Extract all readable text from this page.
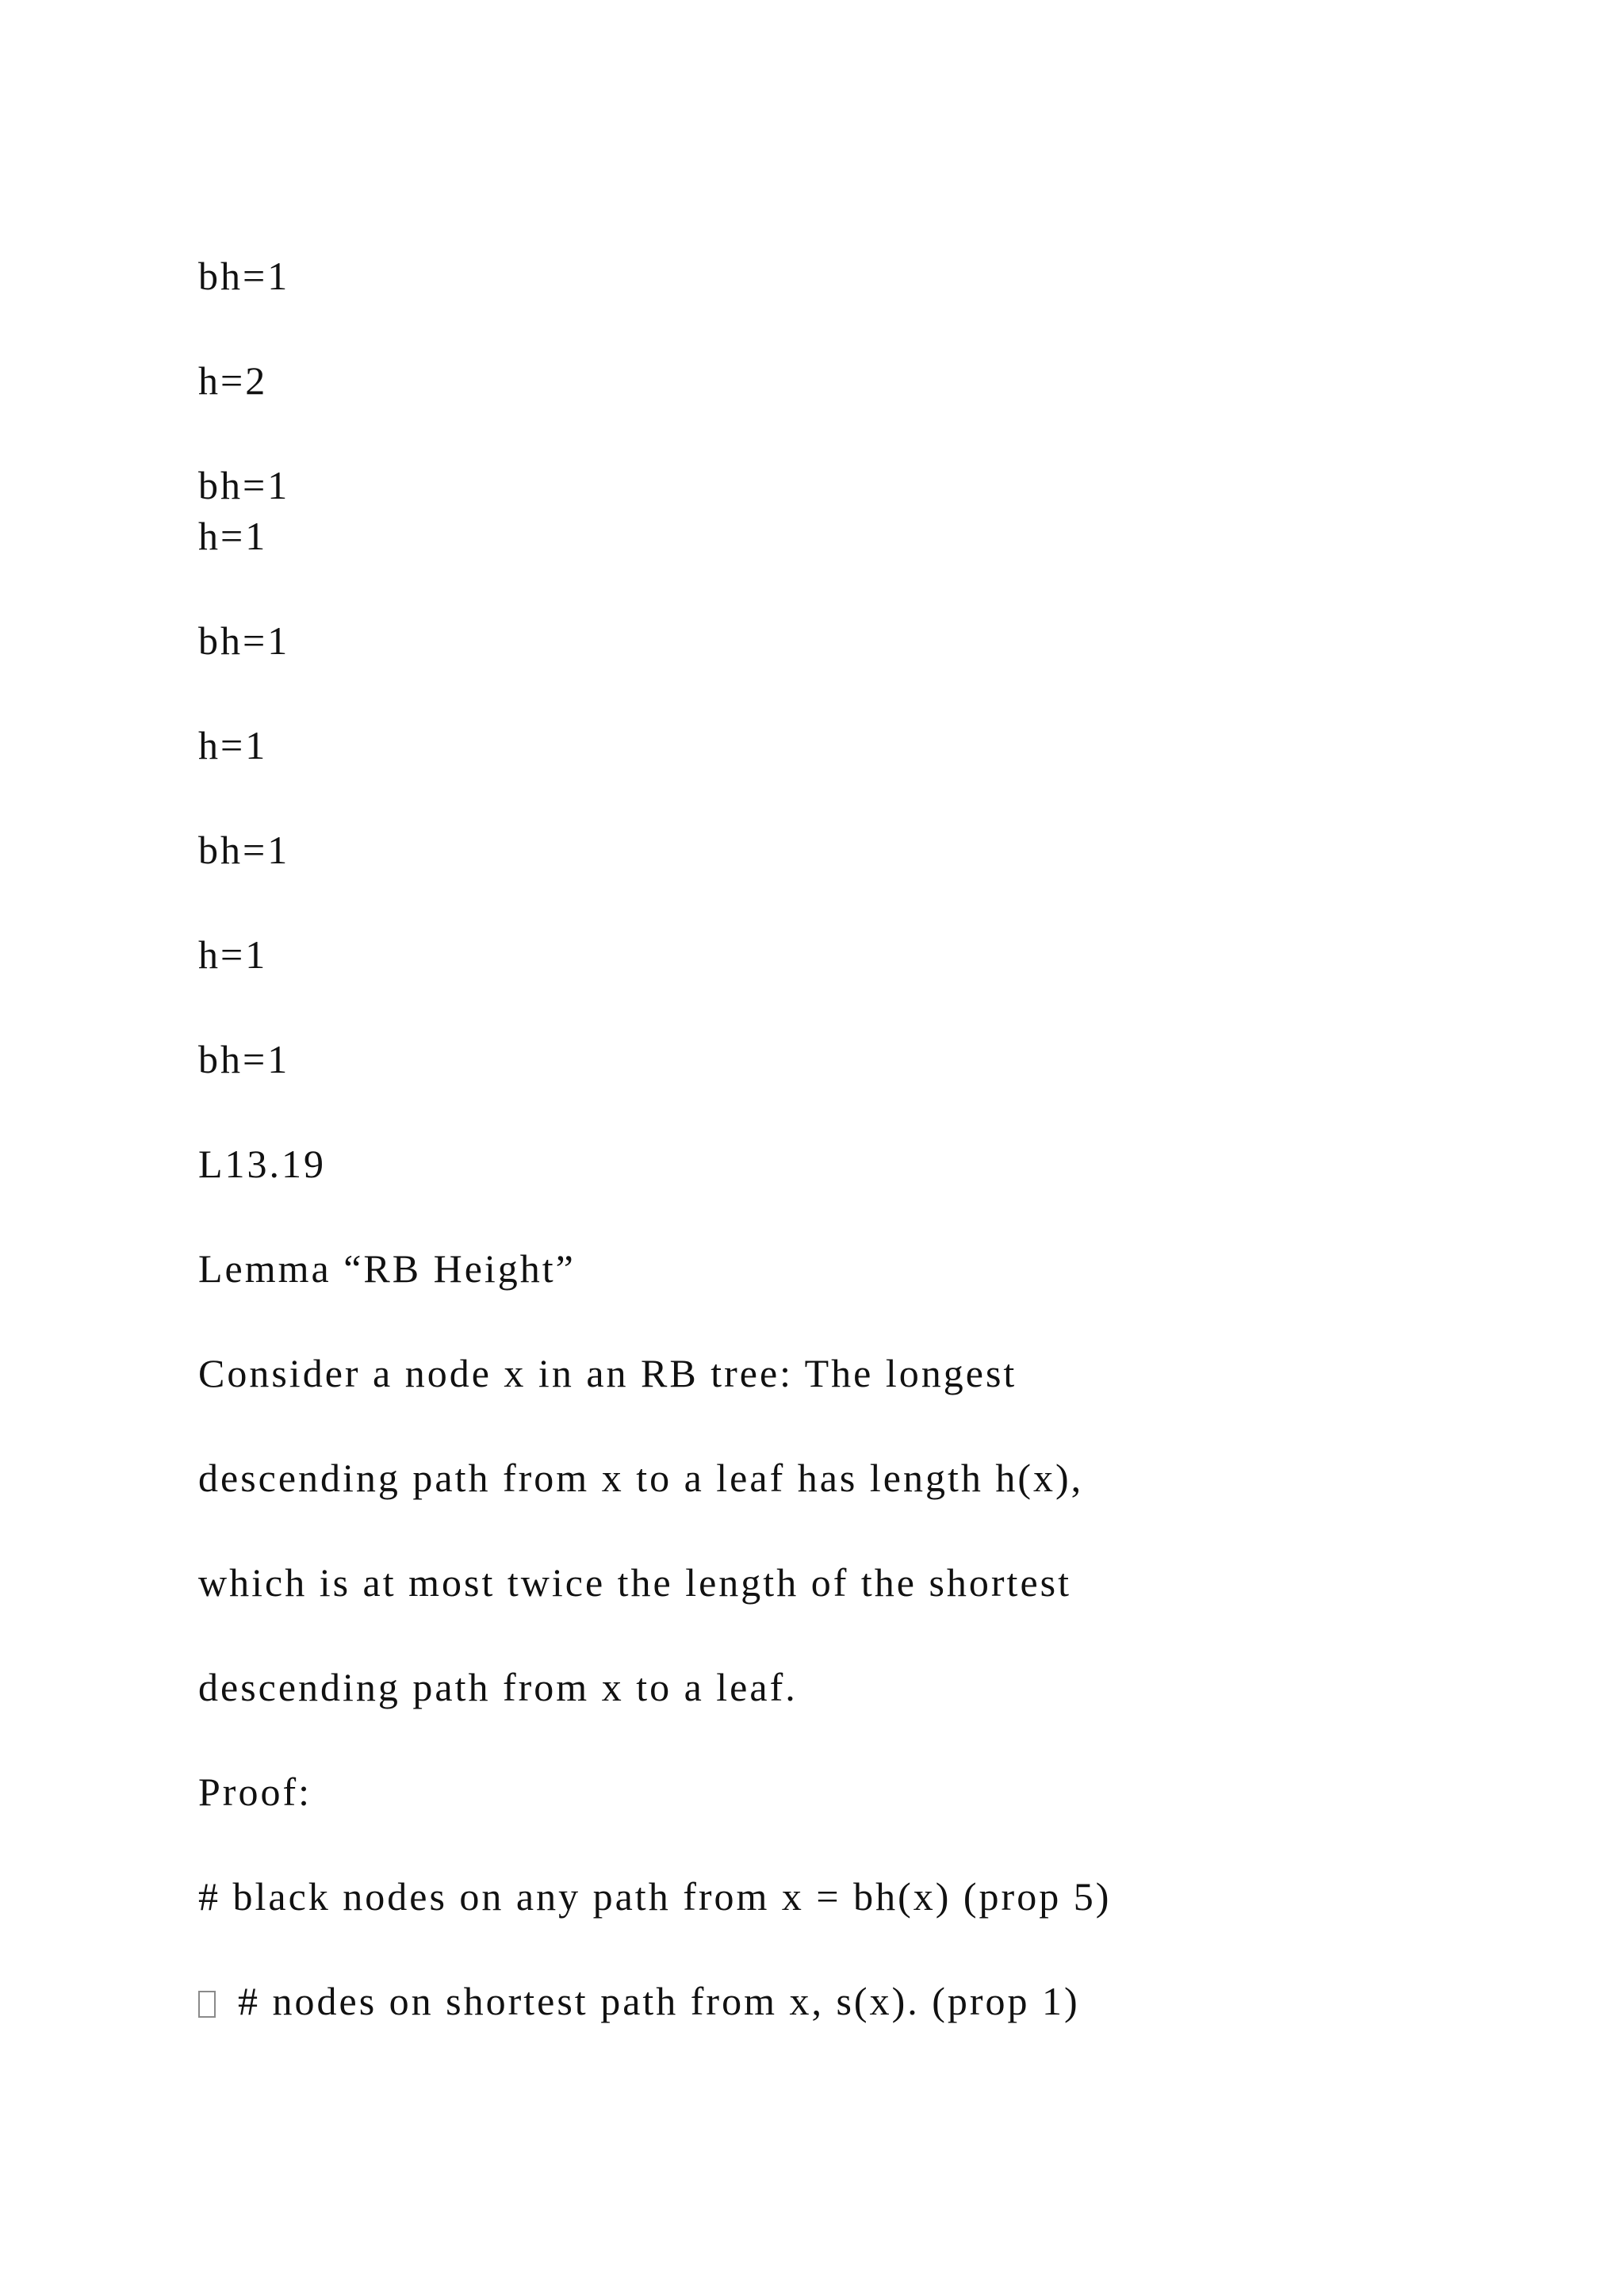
bh=1

h=2

bh=1

h=1

bh=1

h=1

bh=1

h=1

bh=1

L13.19

Lemma “RB Height”

Consider a node x in an RB tree: The longest

descending path from x to a leaf has length h(x),

which is at most twice the length of the shortest

descending path from x to a leaf.

Proof:

# black nodes on any path from x = bh(x) (prop 5)

# nodes on shortest path from x, s(x). (prop 1)
